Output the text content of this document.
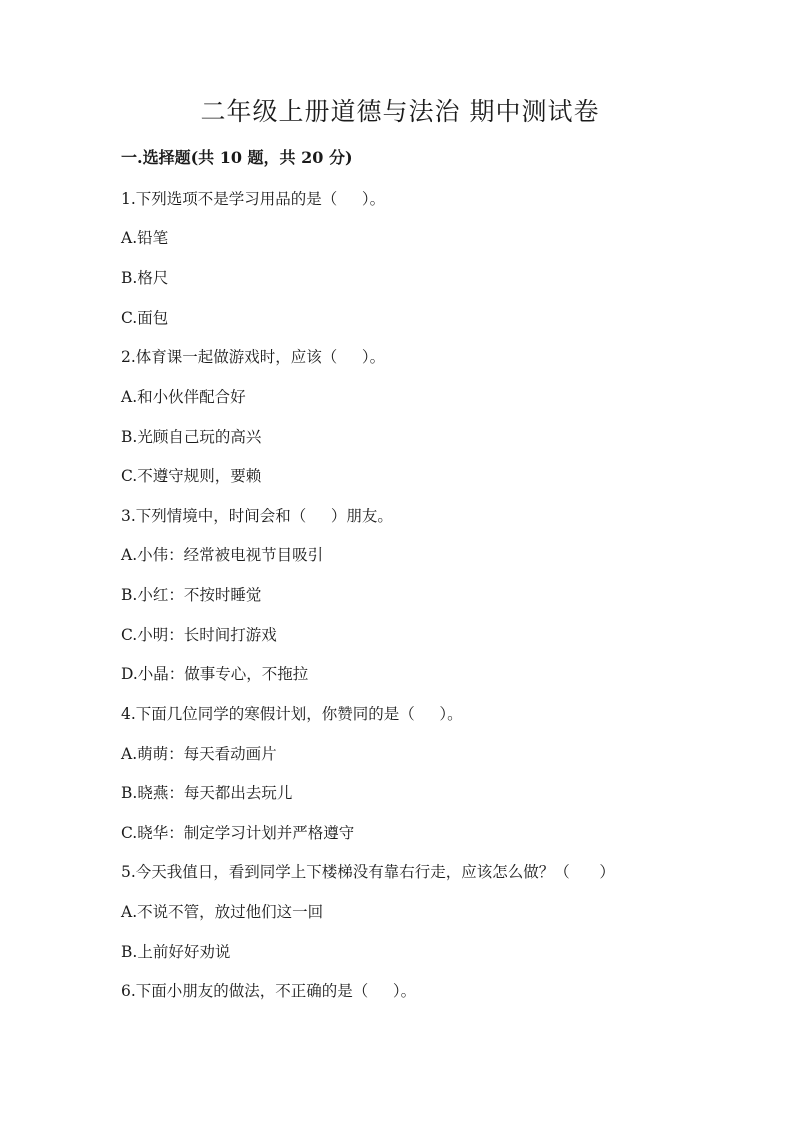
二年级上册道德与法治 期中测试卷

一.选择题(共 10 题，共 20 分)

1.下列选项不是学习用品的是（     ）。

A.铅笔

B.格尺

C.面包

2.体育课一起做游戏时，应该（     ）。

A.和小伙伴配合好

B.光顾自己玩的高兴

C.不遵守规则，要赖

3.下列情境中，时间会和（     ）朋友。

A.小伟：经常被电视节目吸引

B.小红：不按时睡觉

C.小明：长时间打游戏

D.小晶：做事专心，不拖拉

4.下面几位同学的寒假计划，你赞同的是（     ）。

A.萌萌：每天看动画片

B.晓燕：每天都出去玩儿

C.晓华：制定学习计划并严格遵守

5.今天我值日，看到同学上下楼梯没有靠右行走，应该怎么做？（      ）

A.不说不管，放过他们这一回

B.上前好好劝说

6.下面小朋友的做法，不正确的是（     ）。
